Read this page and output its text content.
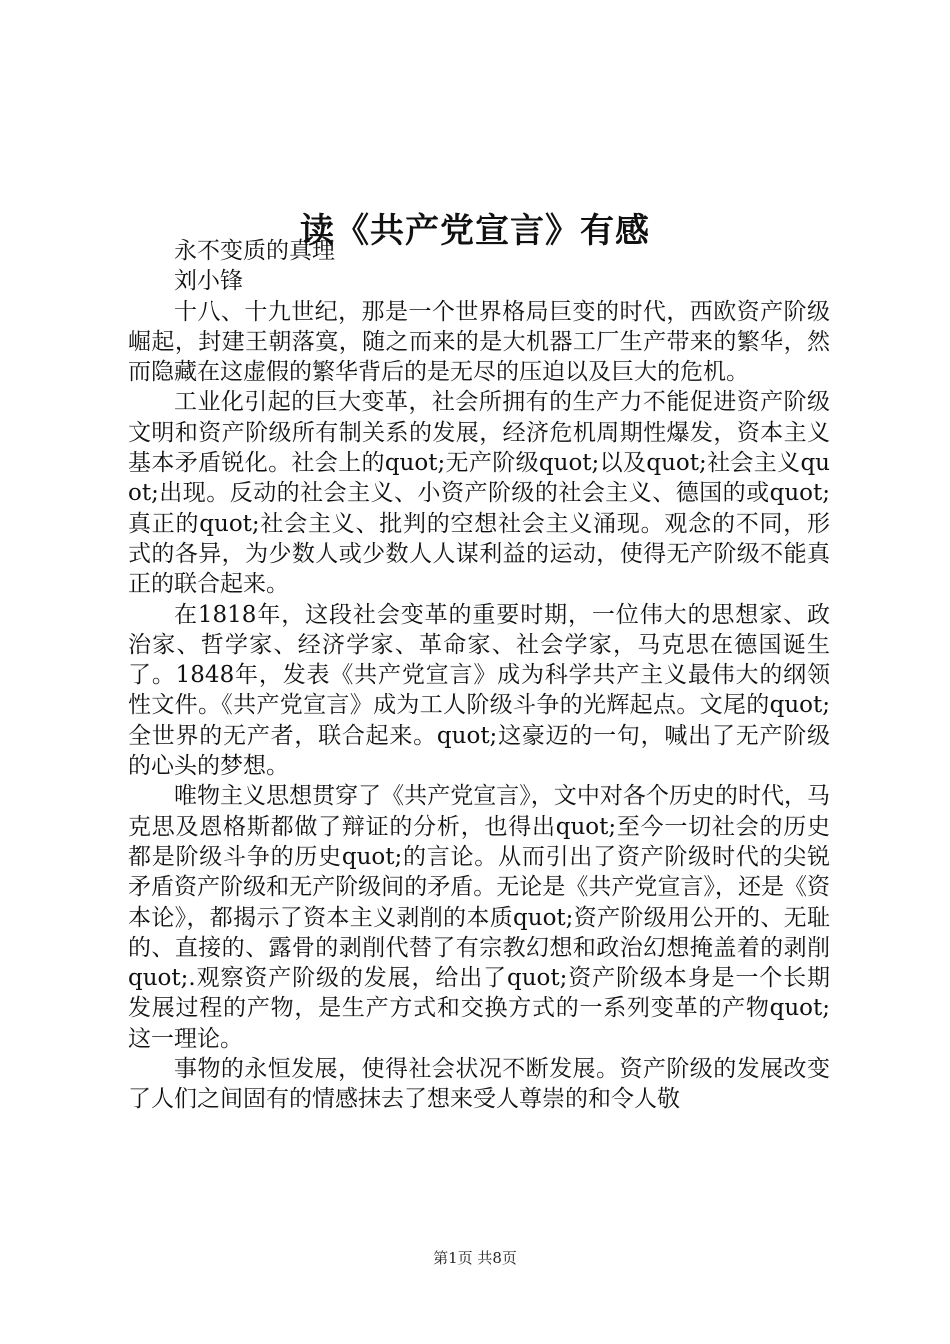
读《共产党宣言》有感

永不变质的真理

刘小锋

十八、十九世纪，那是一个世界格局巨变的时代，西欧资产阶级崛起，封建王朝落寞，随之而来的是大机器工厂生产带来的繁华，然而隐藏在这虚假的繁华背后的是无尽的压迫以及巨大的危机。

工业化引起的巨大变革，社会所拥有的生产力不能促进资产阶级文明和资产阶级所有制关系的发展，经济危机周期性爆发，资本主义基本矛盾锐化。社会上的quot;无产阶级quot;以及quot;社会主义quot;出现。反动的社会主义、小资产阶级的社会主义、德国的或quot;真正的quot;社会主义、批判的空想社会主义涌现。观念的不同，形式的各异，为少数人或少数人人谋利益的运动，使得无产阶级不能真正的联合起来。

在1818年，这段社会变革的重要时期，一位伟大的思想家、政治家、哲学家、经济学家、革命家、社会学家，马克思在德国诞生了。1848年，发表《共产党宣言》成为科学共产主义最伟大的纲领性文件。《共产党宣言》成为工人阶级斗争的光辉起点。文尾的quot;全世界的无产者，联合起来。quot;这豪迈的一句，喊出了无产阶级的心头的梦想。

唯物主义思想贯穿了《共产党宣言》，文中对各个历史的时代，马克思及恩格斯都做了辩证的分析，也得出quot;至今一切社会的历史都是阶级斗争的历史quot;的言论。从而引出了资产阶级时代的尖锐矛盾资产阶级和无产阶级间的矛盾。无论是《共产党宣言》，还是《资本论》，都揭示了资本主义剥削的本质quot;资产阶级用公开的、无耻的、直接的、露骨的剥削代替了有宗教幻想和政治幻想掩盖着的剥削quot;.观察资产阶级的发展，给出了quot;资产阶级本身是一个长期发展过程的产物，是生产方式和交换方式的一系列变革的产物quot;这一理论。

事物的永恒发展，使得社会状况不断发展。资产阶级的发展改变了人们之间固有的情感抹去了想来受人尊崇的和令人敬

第1页 共8页
